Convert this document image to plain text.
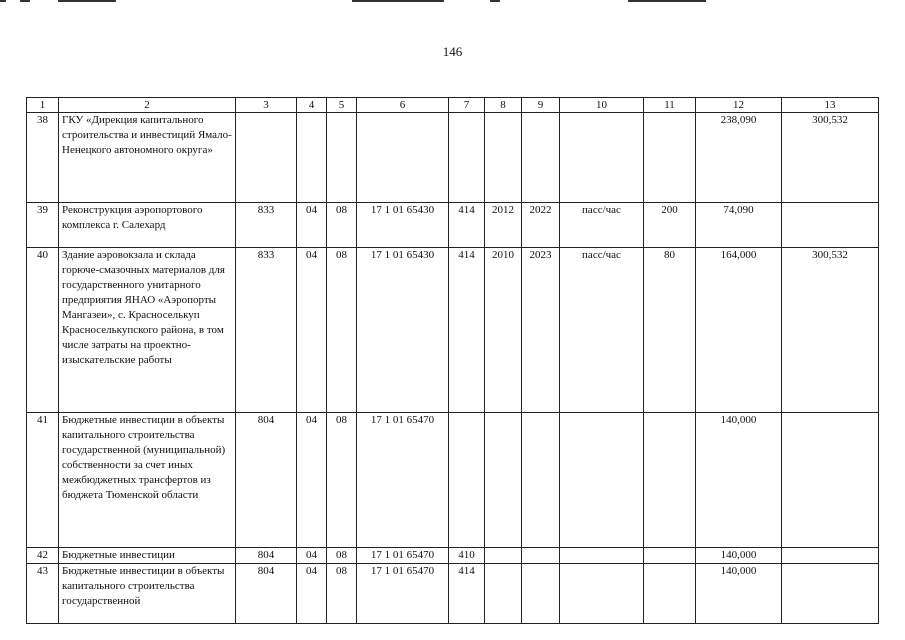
146
1	2	3	4	5	6	7	8	9	10	11	12	13
38	ГКУ «Дирекция капитального строительства и инвестиций Ямало-Ненецкого автономного округа»										238,090	300,532
39	Реконструкция аэропортового комплекса г. Салехард	833	04	08	17 1 01 65430	414	2012	2022	пасс/час	200	74,090	
40	Здание аэровокзала и склада горюче-смазочных материалов для государственного унитарного предприятия ЯНАО «Аэропорты Мангазеи», с. Красноселькуп Красноселькупского района, в том числе затраты на проектно-изыскательские работы	833	04	08	17 1 01 65430	414	2010	2023	пасс/час	80	164,000	300,532
41	Бюджетные инвестиции в объекты капитального строительства государственной (муниципальной) собственности за счет иных межбюджетных трансфертов из бюджета Тюменской области	804	04	08	17 1 01 65470						140,000	
42	Бюджетные инвестиции	804	04	08	17 1 01 65470	410					140,000	
43	Бюджетные инвестиции в объекты капитального строительства государственной	804	04	08	17 1 01 65470	414					140,000	
